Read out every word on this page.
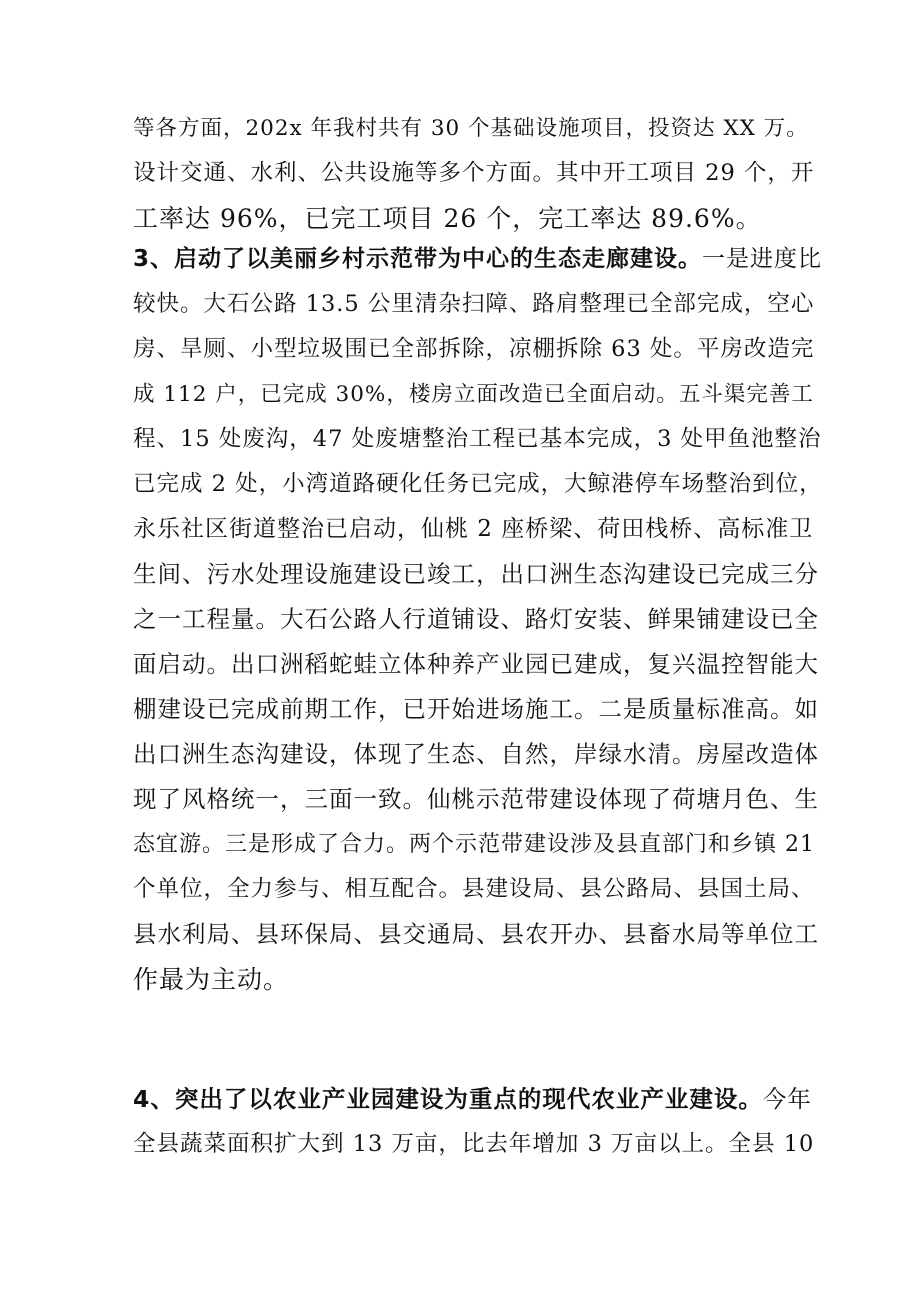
等各方面，202x 年我村共有 30 个基础设施项目，投资达 XX 万。
设计交通、水利、公共设施等多个方面。其中开工项目 29 个，开
工率达 96%，已完工项目 26 个，完工率达 89.6%。
3、启动了以美丽乡村示范带为中心的生态走廊建设。一是进度比
较快。大石公路 13.5 公里清杂扫障、路肩整理已全部完成，空心
房、旱厕、小型垃圾围已全部拆除，凉棚拆除 63 处。平房改造完
成 112 户，已完成 30%，楼房立面改造已全面启动。五斗渠完善工
程、15 处废沟，47 处废塘整治工程已基本完成，3 处甲鱼池整治
已完成 2 处，小湾道路硬化任务已完成，大鲸港停车场整治到位，
永乐社区街道整治已启动，仙桃 2 座桥梁、荷田栈桥、高标准卫
生间、污水处理设施建设已竣工，出口洲生态沟建设已完成三分
之一工程量。大石公路人行道铺设、路灯安装、鲜果铺建设已全
面启动。出口洲稻蛇蛙立体种养产业园已建成，复兴温控智能大
棚建设已完成前期工作，已开始进场施工。二是质量标准高。如
出口洲生态沟建设，体现了生态、自然，岸绿水清。房屋改造体
现了风格统一，三面一致。仙桃示范带建设体现了荷塘月色、生
态宜游。三是形成了合力。两个示范带建设涉及县直部门和乡镇 21
个单位，全力参与、相互配合。县建设局、县公路局、县国土局、
县水利局、县环保局、县交通局、县农开办、县畜水局等单位工
作最为主动。
4、突出了以农业产业园建设为重点的现代农业产业建设。今年
全县蔬菜面积扩大到 13 万亩，比去年增加 3 万亩以上。全县 10
